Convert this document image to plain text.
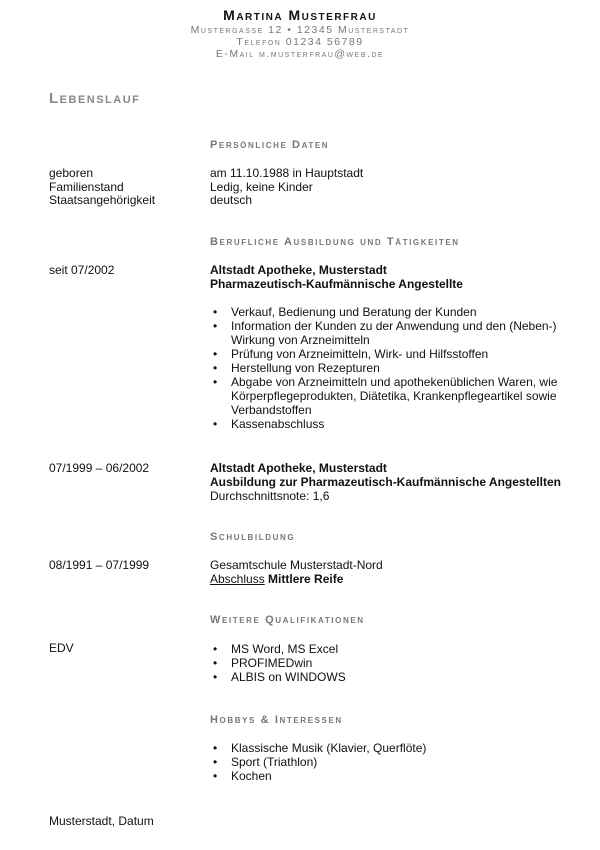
Martina Musterfrau
Mustergasse 12 • 12345 Musterstadt
Telefon 01234 56789
E-Mail m.musterfrau@web.de
Lebenslauf
Persönliche Daten
geboren	am 11.10.1988 in Hauptstadt
Familienstand	Ledig, keine Kinder
Staatsangehörigkeit	deutsch
Berufliche Ausbildung und Tätigkeiten
seit 07/2002	Altstadt Apotheke, Musterstadt
Pharmazeutisch-Kaufmännische Angestellte
• Verkauf, Bedienung und Beratung der Kunden
• Information der Kunden zu der Anwendung und den (Neben-) Wirkung von Arzneimitteln
• Prüfung von Arzneimitteln, Wirk- und Hilfsstoffen
• Herstellung von Rezepturen
• Abgabe von Arzneimitteln und apothekenüblichen Waren, wie Körperpflegeprodukten, Diätetika, Krankenpflegeartikel sowie Verbandstoffen
• Kassenabschluss
07/1999 – 06/2002	Altstadt Apotheke, Musterstadt
Ausbildung zur Pharmazeutisch-Kaufmännische Angestellten
Durchschnittsnote: 1,6
Schulbildung
08/1991 – 07/1999	Gesamtschule Musterstadt-Nord
Abschluss Mittlere Reife
Weitere Qualifikationen
EDV	• MS Word, MS Excel
• PROFIMEDwin
• ALBIS on WINDOWS
Hobbys & Interessen
• Klassische Musik (Klavier, Querflöte)
• Sport (Triathlon)
• Kochen
Musterstadt, Datum
